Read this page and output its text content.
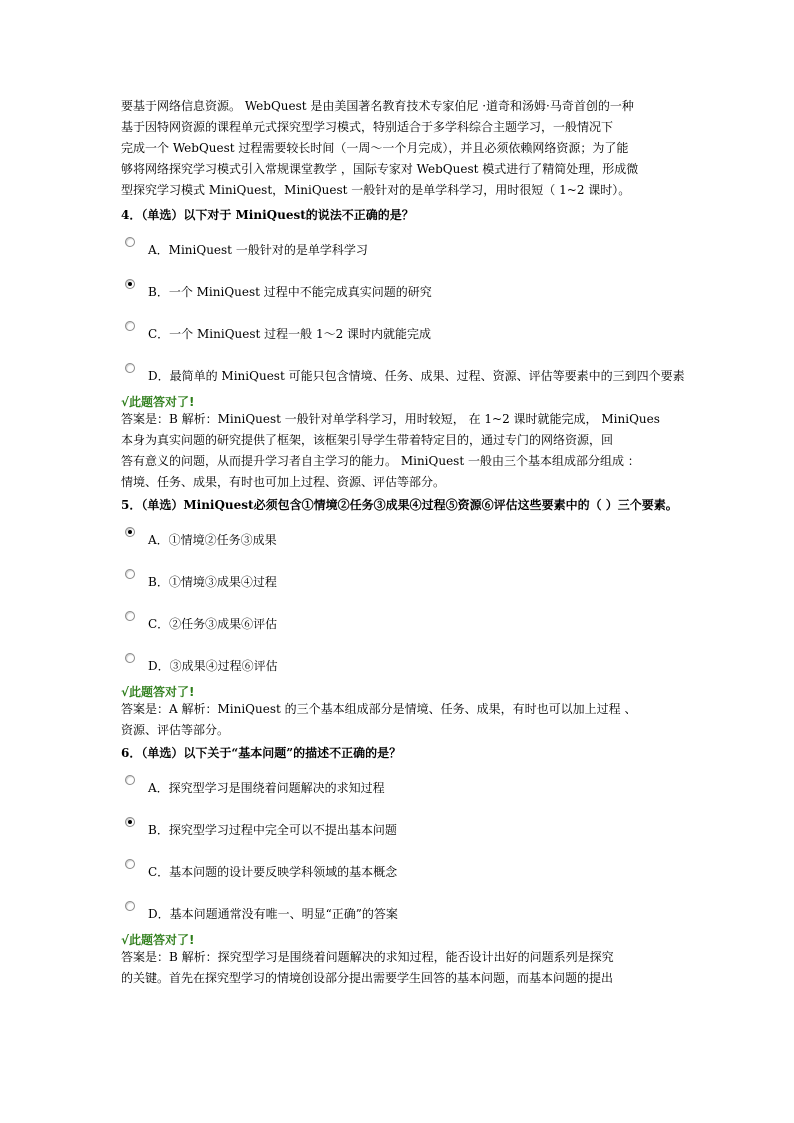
要基于网络信息资源。 WebQuest 是由美国著名教育技术专家伯尼 ·道奇和汤姆·马奇首创的一种

基于因特网资源的课程单元式探究型学习模式，特别适合于多学科综合主题学习，一般情况下

完成一个 WebQuest 过程需要较长时间（一周～一个月完成），并且必须依赖网络资源；为了能

够将网络探究学习模式引入常规课堂教学 ，国际专家对 WebQuest 模式进行了精简处理，形成微

型探究学习模式 MiniQuest，MiniQuest 一般针对的是单学科学习，用时很短（ 1~2 课时）。

4．（单选）以下对于 MiniQuest的说法不正确的是？

A．MiniQuest 一般针对的是单学科学习
B．一个 MiniQuest 过程中不能完成真实问题的研究
C．一个 MiniQuest 过程一般 1～2 课时内就能完成
D．最简单的 MiniQuest 可能只包含情境、任务、成果、过程、资源、评估等要素中的三到四个要素

√此题答对了!

答案是：B 解析：MiniQuest 一般针对单学科学习，用时较短， 在 1~2 课时就能完成， MiniQues

本身为真实问题的研究提供了框架，该框架引导学生带着特定目的，通过专门的网络资源，回

答有意义的问题，从而提升学习者自主学习的能力。 MiniQuest 一般由三个基本组成部分组成 ：

情境、任务、成果，有时也可加上过程、资源、评估等部分。

5．（单选）MiniQuest必须包含①情境②任务③成果④过程⑤资源⑥评估这些要素中的（ ）三个要素。

A．①情境②任务③成果
B．①情境③成果④过程
C．②任务③成果⑥评估
D．③成果④过程⑥评估

√此题答对了!

答案是：A 解析：MiniQuest 的三个基本组成部分是情境、任务、成果，有时也可以加上过程 、

资源、评估等部分。

6．（单选）以下关于“基本问题”的描述不正确的是？

A．探究型学习是围绕着问题解决的求知过程
B．探究型学习过程中完全可以不提出基本问题
C．基本问题的设计要反映学科领域的基本概念
D．基本问题通常没有唯一、明显“正确”的答案

√此题答对了!

答案是：B 解析：探究型学习是围绕着问题解决的求知过程，能否设计出好的问题系列是探究

的关键。首先在探究型学习的情境创设部分提出需要学生回答的基本问题，而基本问题的提出
